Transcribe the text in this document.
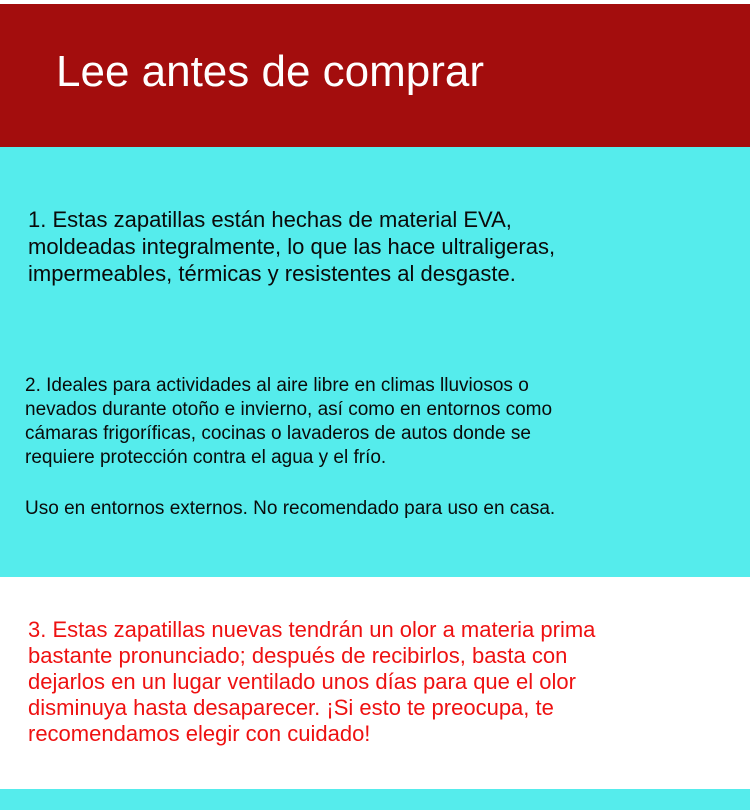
Lee antes de comprar

1. Estas zapatillas están hechas de material EVA,
moldeadas integralmente, lo que las hace ultraligeras,
impermeables, térmicas y resistentes al desgaste.

2. Ideales para actividades al aire libre en climas lluviosos o
nevados durante otoño e invierno, así como en entornos como
cámaras frigoríficas, cocinas o lavaderos de autos donde se
requiere protección contra el agua y el frío.

Uso en entornos externos. No recomendado para uso en casa.

3. Estas zapatillas nuevas tendrán un olor a materia prima
bastante pronunciado; después de recibirlos, basta con
dejarlos en un lugar ventilado unos días para que el olor
disminuya hasta desaparecer. ¡Si esto te preocupa, te
recomendamos elegir con cuidado!
